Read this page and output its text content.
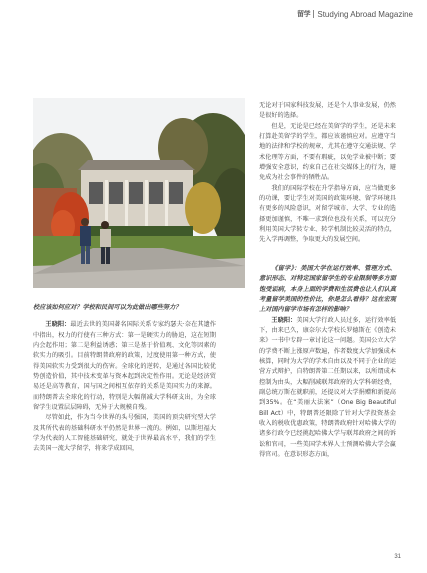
留学 Studying Abroad Magazine

校应该如何应对？学校和民间可以为此做出哪些努力？

王晓阳：最近去世的美国著名国际关系专家约瑟夫·奈在其遗作中指出，权力的行使有三种方式：第一是硬实力的胁迫，这在短期内会起作用；第二是利益诱惑；第三是基于价值观、文化等因素的软实力的吸引。目前特朗普政府的政策，过度使用第一种方式，使得美国软实力受到很大的伤害。全球化的逆转，是通过各国比较优势创造价值，其中技术变革与资本起到决定性作用。无论是经济贸易还是高等教育，国与国之间相互依存的关系是美国实力的来源。而特朗普去全球化的行动，特别是大幅削减大学科研支出，为全球留学生设置层层障碍，无异于大规模自残。

尽管如此，作为当今世界的头号强国，美国的顶尖研究型大学及其所代表的基础科研水平仍然是世界一流的。例如，以斯坦福大学为代表的人工智能基础研究，就处于世界最高水平，我们的学生去美国一流大学留学，将来学成回国，

无论对于国家科技发展，还是个人事业发展，仍然是很好的选择。

但是，无论是已经在美留学的学生，还是未来打算赴美留学的学生，都应该谨慎应对。应遵守当地的法律和学校的规章，尤其在遵守交通法规、学术伦理等方面，不要有瑕疵，以免学业被中断；要增强安全意识，约束自己在社交媒体上的行为，避免成为社会事件的牺牲品。

我们的国际学校在升学指导方面，应当做更多的功课，要让学生对美国的政策环境、留学环境具有更多的风险意识，对留学城市、大学、专业的选择更加谨慎，不唯一求到位也没有关系，可以充分利用美国大学转专业、转学机制比较灵活的特点，先入学再调整，争取更大的发展空间。

《留学》：美国大学在运行效率、管理方式、意识形态、对特定国家留学生的专业限制等多方面饱受诟病，本身上面的学费和生活费也让人们认真考量留学美国的性价比，你是怎么看待？这在宏观上对国内留学市场有怎样的影响？

王晓阳：美国大学行政人员过多，运行效率低下，由来已久，康奈尔大学校长罗德斯在《创造未来》一书中专辟一章讨论这一问题。美国公立大学的学费不断上涨原声数遍，作者数度大学加强成本核算，同时为大学的学术自由以及不同于企业的运营方式辩护，自特朗普第二任期以来，以所谓成本控制为由头，大幅削减联邦政府的大学科研经费，副总统万斯在就职前，还提议对大学捐赠和新提高到35%。在“美丽大法案”（One Big Beautiful Bill Act）中，特朗普还限除了针对大学投资基金收入的税收优惠政策，特朗普政府针对哈佛大学的诸多行政令已经挑起哈佛大学与联邦政府之间的诉讼和官司，一些美国学术界人士预测哈佛大学会赢得官司。在意识形态方面，

31
